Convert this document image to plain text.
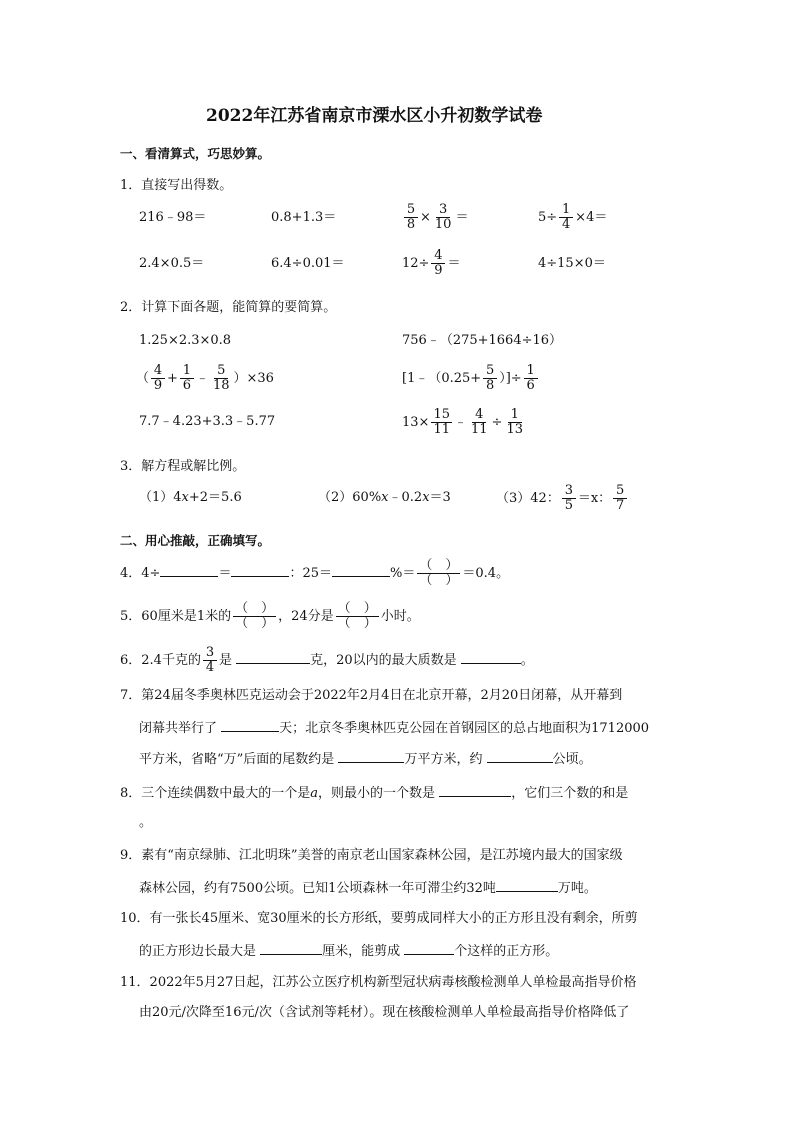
2022年江苏省南京市溧水区小升初数学试卷
一、看清算式，巧思妙算。
1．直接写出得数。
216﹣98＝	0.8+1.3＝	$\frac{5}{8} \times \frac{3}{10}$ ＝	$5\div \frac{1}{4} \times 4=$
2.4×0.5＝	6.4÷0.01＝	$12\div \frac{4}{9}$ ＝	4÷15×0＝
2．计算下面各题，能简算的要简算。
1.25×2.3×0.8	756﹣（275+1664÷16）
（ $\frac{4}{9} + \frac{1}{6}$ ﹣ $\frac{5}{18} )\times 36$	[1﹣（0.25+ $\frac{5}{8}$ ）]÷ $\frac{1}{6}$
7.7﹣4.23+3.3﹣5.77	$13\times \frac{15}{11}$ ﹣ $\frac{4}{11} \div \frac{1}{13}$
3．解方程或解比例。
（1）4x+2＝5.6	（2）60%x﹣0.2x＝3	（3）42： $\frac{3}{5} =x$： $\frac{5}{7}$
二、用心推敲，正确填写。
4．4÷	＝	：25＝	%＝ $\frac{( )}{( )} =0.4$。
5．60厘米是1米的 $\frac{( )}{( )}$ ，24分是 $\frac{( )}{( )}$ 小时。
6．2.4千克的 $\frac{3}{4}$ 是	克，20以内的最大质数是	。
7．第24届冬季奥林匹克运动会于2022年2月4日在北京开幕，2月20日闭幕，从开幕到
闭幕共举行了	天；北京冬季奥林匹克公园在首钢园区的总占地面积为1712000
平方米，省略“万”后面的尾数约是	万平方米，约	公顷。
8．三个连续偶数中最大的一个是a，则最小的一个数是	，它们三个数的和是
。
9．素有“南京绿肺、江北明珠”美誉的南京老山国家森林公园，是江苏境内最大的国家级
森林公园，约有7500公顷。已知1公顷森林一年可滞尘约32吨	万吨。
10．有一张长45厘米、宽30厘米的长方形纸，要剪成同样大小的正方形且没有剩余，所剪
的正方形边长最大是	厘米，能剪成	个这样的正方形。
11．2022年5月27日起，江苏公立医疗机构新型冠状病毒核酸检测单人单检最高指导价格
由20元/次降至16元/次（含试剂等耗材）。现在核酸检测单人单检最高指导价格降低了
